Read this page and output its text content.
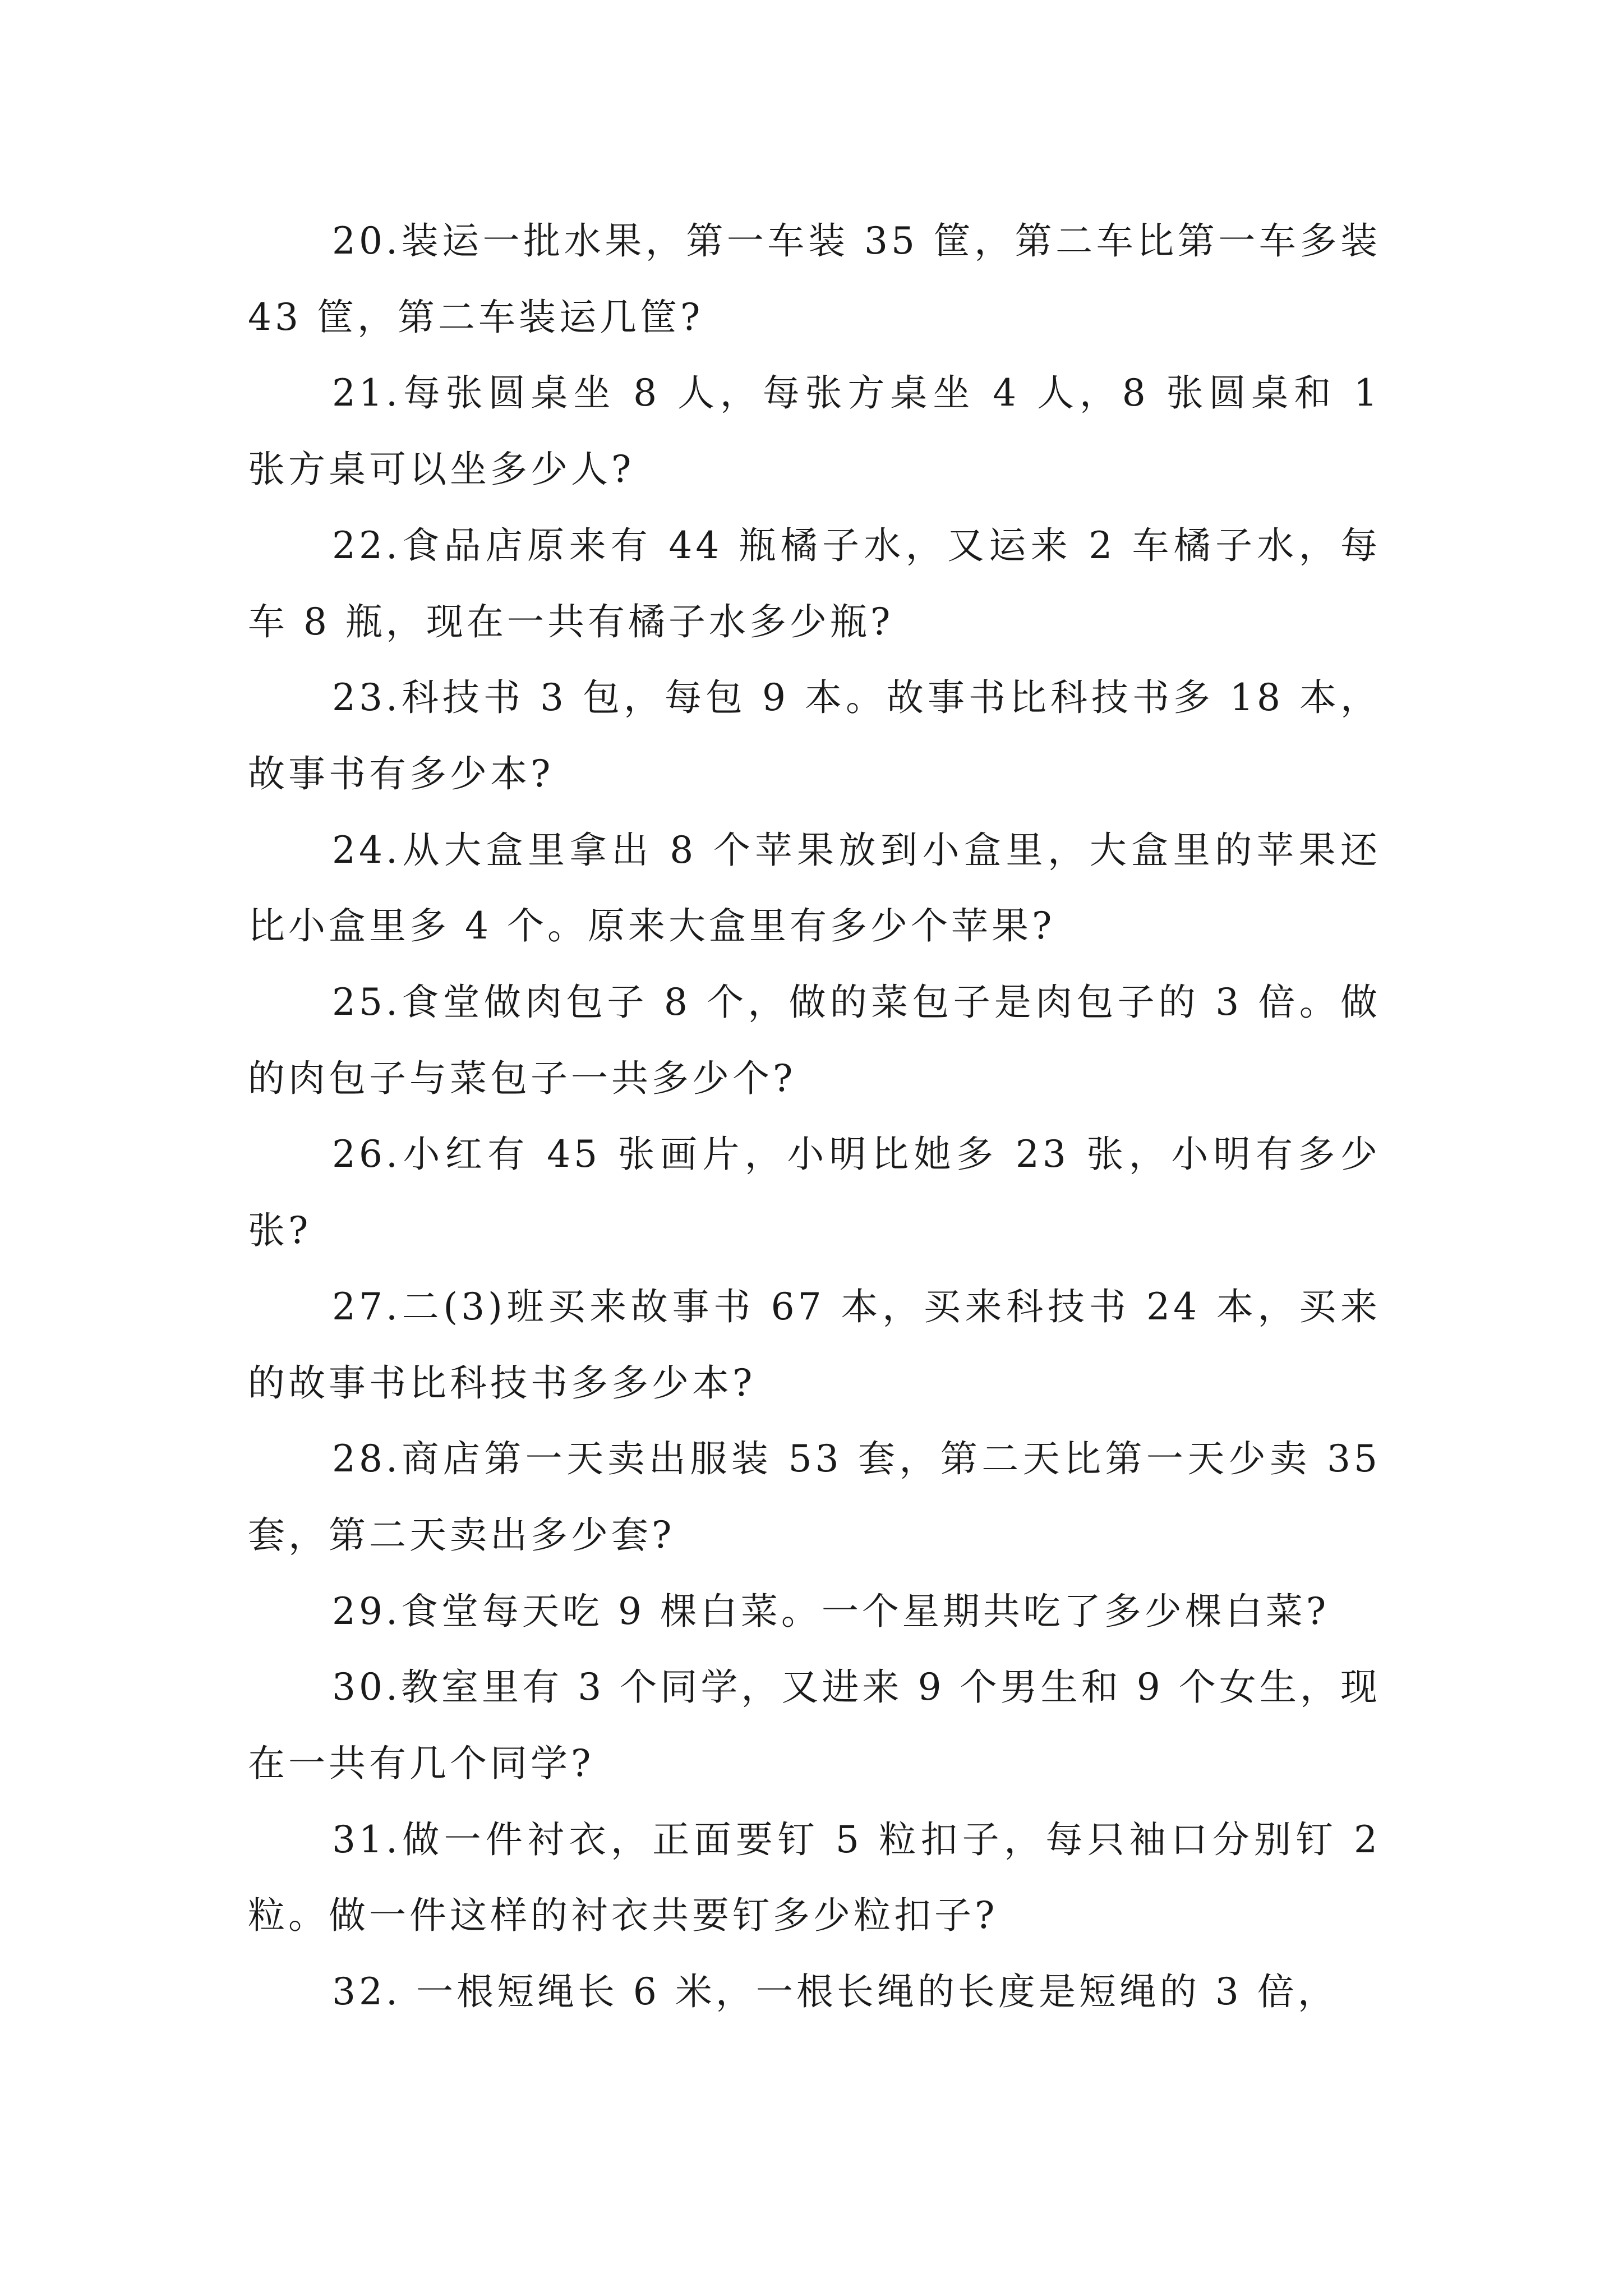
20.装运一批水果，第一车装 35 筐，第二车比第一车多装 43 筐，第二车装运几筐?

21.每张圆桌坐 8 人，每张方桌坐 4 人，8 张圆桌和 1 张方桌可以坐多少人?

22.食品店原来有 44 瓶橘子水，又运来 2 车橘子水，每车 8 瓶，现在一共有橘子水多少瓶?

23.科技书 3 包，每包 9 本。故事书比科技书多 18 本，故事书有多少本?

24.从大盒里拿出 8 个苹果放到小盒里，大盒里的苹果还比小盒里多 4 个。原来大盒里有多少个苹果?

25.食堂做肉包子 8 个，做的菜包子是肉包子的 3 倍。做的肉包子与菜包子一共多少个?

26.小红有 45 张画片，小明比她多 23 张，小明有多少张?

27.二(3)班买来故事书 67 本，买来科技书 24 本，买来的故事书比科技书多多少本?

28.商店第一天卖出服装 53 套，第二天比第一天少卖 35 套，第二天卖出多少套?

29.食堂每天吃 9 棵白菜。一个星期共吃了多少棵白菜?

30.教室里有 3 个同学，又进来 9 个男生和 9 个女生，现在一共有几个同学?

31.做一件衬衣，正面要钉 5 粒扣子，每只袖口分别钉 2 粒。做一件这样的衬衣共要钉多少粒扣子?

32. 一根短绳长 6 米，一根长绳的长度是短绳的 3 倍，
